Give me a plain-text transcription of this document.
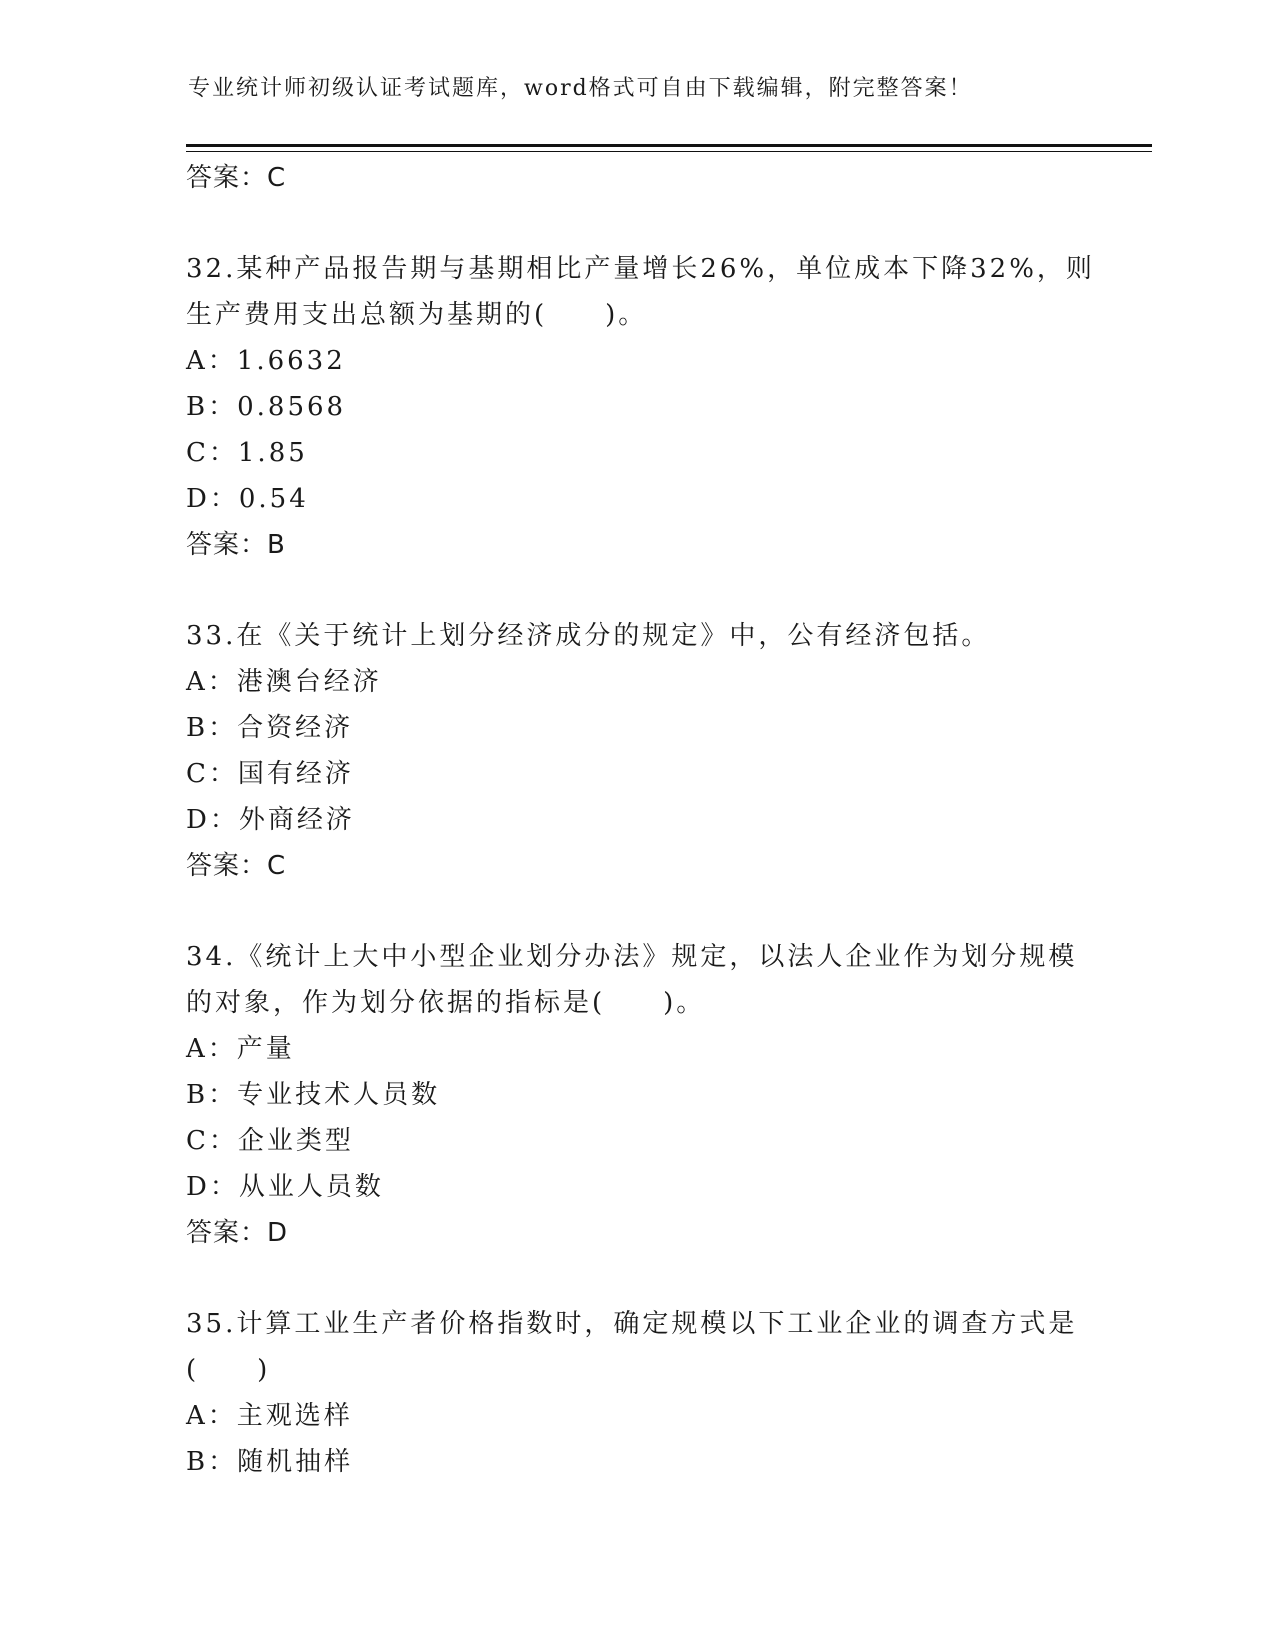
专业统计师初级认证考试题库，word格式可自由下载编辑，附完整答案！
答案：C
32.某种产品报告期与基期相比产量增长26%，单位成本下降32%，则
生产费用支出总额为基期的(　　)。
A：1.6632
B：0.8568
C：1.85
D：0.54
答案：B
33.在《关于统计上划分经济成分的规定》中，公有经济包括。
A：港澳台经济
B：合资经济
C：国有经济
D：外商经济
答案：C
34.《统计上大中小型企业划分办法》规定，以法人企业作为划分规模
的对象，作为划分依据的指标是(　　)。
A：产量
B：专业技术人员数
C：企业类型
D：从业人员数
答案：D
35.计算工业生产者价格指数时，确定规模以下工业企业的调查方式是
(　　)
A：主观选样
B：随机抽样
